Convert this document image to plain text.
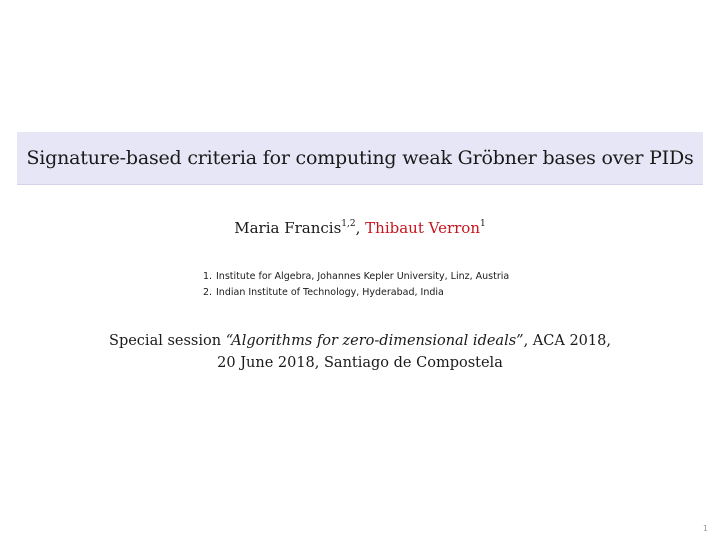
Signature-based criteria for computing weak Gröbner bases over PIDs
Maria Francis$^{1,2}$, Thibaut Verron$^1$
1. Institute for Algebra, Johannes Kepler University, Linz, Austria
2. Indian Institute of Technology, Hyderabad, India
Special session “Algorithms for zero-dimensional ideals”, ACA 2018,
20 June 2018, Santiago de Compostela
1
